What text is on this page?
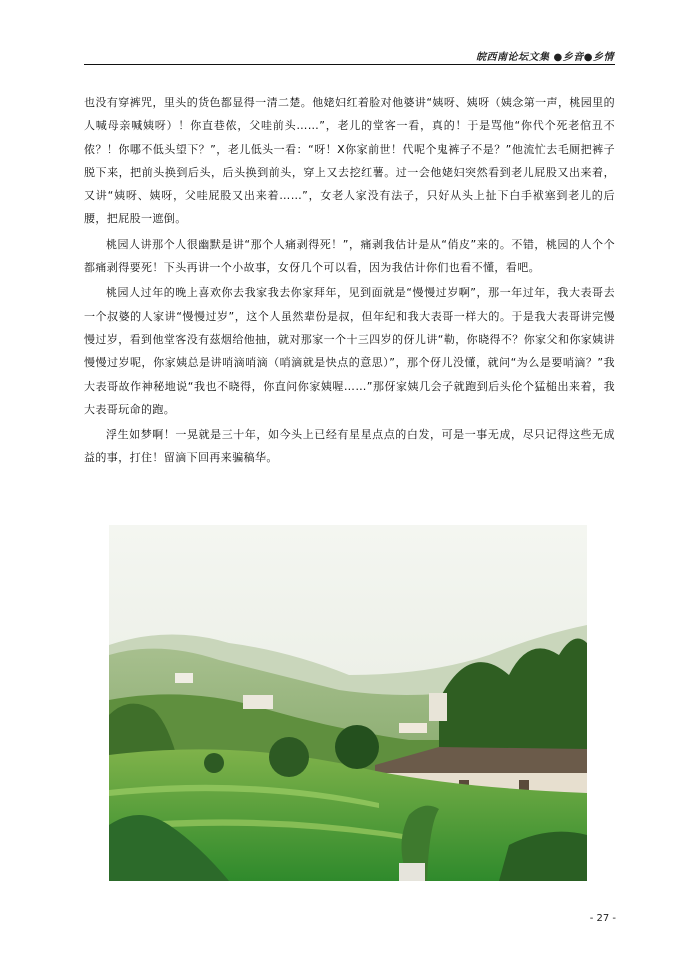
皖西南论坛文集 ●乡音●乡情

也没有穿裤咒，里头的货色都显得一清二楚。他姥妇红着脸对他婆讲“姨呀、姨呀（姨念第一声，桃园里的人喊母亲喊姨呀）！你直巷侬，父哇前头……”，老儿的堂客一看，真的！于是骂他“你代个死老倌丑不侬？！你哪不低头望下？”，老儿低头一看：“呀！X你家前世！代呢个鬼裤子不是？”他流忙去毛厕把裤子脱下来，把前头换到后头，后头换到前头，穿上又去挖红薯。过一会他姥妇突然看到老儿屁股又出来着，又讲“姨呀、姨呀，父哇屁股又出来着……”，女老人家没有法子，只好从头上扯下白手袱塞到老儿的后腰，把屁股一遮倒。

桃园人讲那个人很幽默是讲“那个人痛剥得死！”，痛剥我估计是从“俏皮”来的。不错，桃园的人个个都痛剥得要死！下头再讲一个小故事，女伢几个可以看，因为我估计你们也看不懂，看吧。

桃园人过年的晚上喜欢你去我家我去你家拜年，见到面就是“慢慢过岁啊”，那一年过年，我大表哥去一个叔婆的人家讲“慢慢过岁”，这个人虽然辈份是叔，但年纪和我大表哥一样大的。于是我大表哥讲完慢慢过岁，看到他堂客没有茲烟给他抽，就对那家一个十三四岁的伢儿讲“勒，你晓得不？你家父和你家姨讲慢慢过岁呢，你家姨总是讲哨滴哨滴（哨滴就是快点的意思）”，那个伢儿没懂，就问“为么是要哨滴？”我大表哥故作神秘地说“我也不晓得，你直问你家姨喔……”那伢家姨几会子就跑到后头伦个猛槌出来着，我大表哥玩命的跑。

浮生如梦啊！一晃就是三十年，如今头上已经有星星点点的白发，可是一事无成，尽只记得这些无成益的事，打住！留滴下回再来骗稿华。

- 27 -
